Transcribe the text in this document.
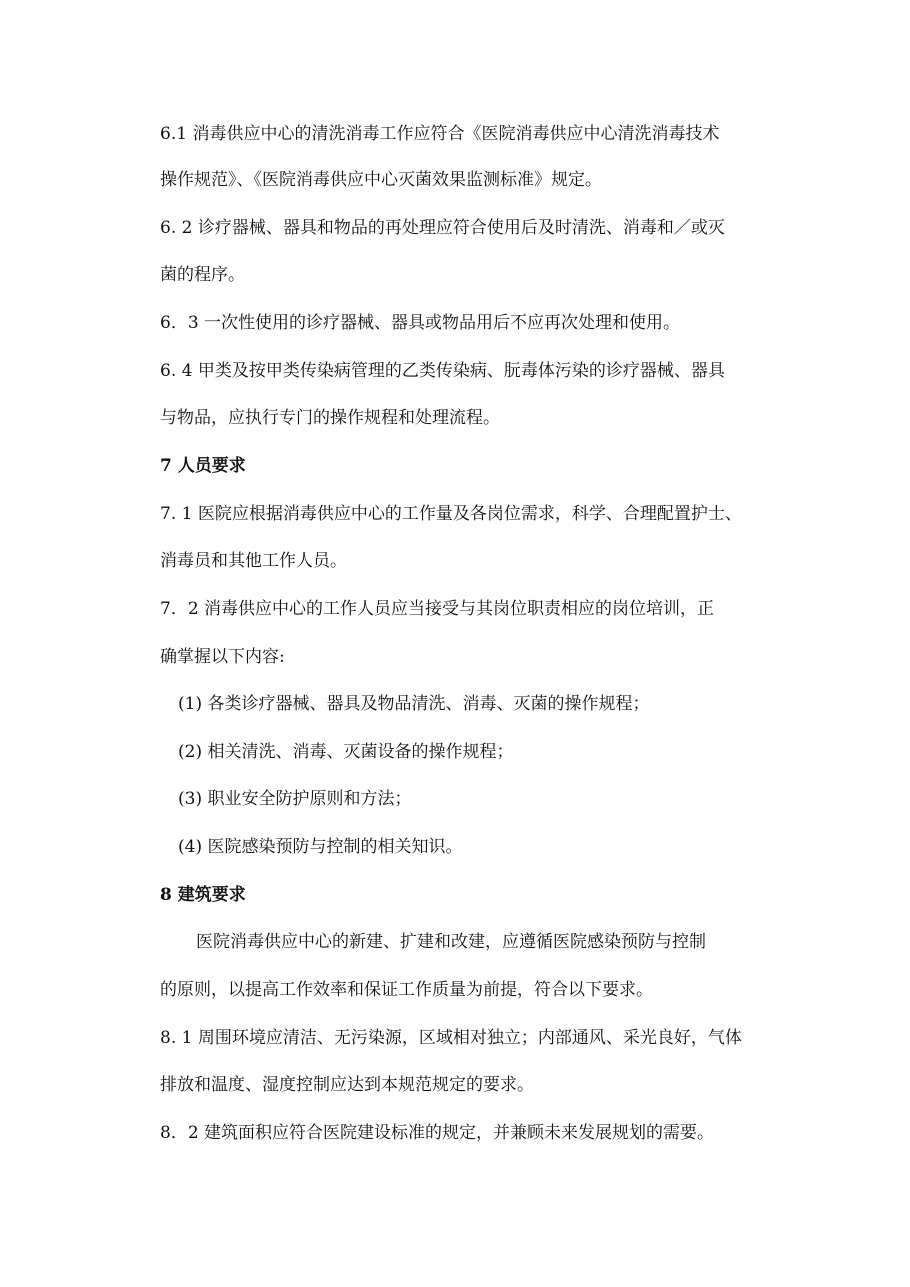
6.1 消毒供应中心的清洗消毒工作应符合《医院消毒供应中心清洗消毒技术
操作规范》、《医院消毒供应中心灭菌效果监测标准》规定。
6. 2 诊疗器械、器具和物品的再处理应符合使用后及时清洗、消毒和／或灭
菌的程序。
6．3 一次性使用的诊疗器械、器具或物品用后不应再次处理和使用。
6. 4 甲类及按甲类传染病管理的乙类传染病、朊毒体污染的诊疗器械、器具
与物品，应执行专门的操作规程和处理流程。
7 人员要求
7. 1 医院应根据消毒供应中心的工作量及各岗位需求，科学、合理配置护士、
消毒员和其他工作人员。
7．2 消毒供应中心的工作人员应当接受与其岗位职责相应的岗位培训，正
确掌握以下内容:
(1) 各类诊疗器械、器具及物品清洗、消毒、灭菌的操作规程；
(2) 相关清洗、消毒、灭菌设备的操作规程；
(3) 职业安全防护原则和方法；
(4) 医院感染预防与控制的相关知识。
8 建筑要求
医院消毒供应中心的新建、扩建和改建，应遵循医院感染预防与控制
的原则，以提高工作效率和保证工作质量为前提，符合以下要求。
8. 1 周围环境应清洁、无污染源，区域相对独立；内部通风、采光良好，气体
排放和温度、湿度控制应达到本规范规定的要求。
8．2 建筑面积应符合医院建设标准的规定，并兼顾未来发展规划的需要。
